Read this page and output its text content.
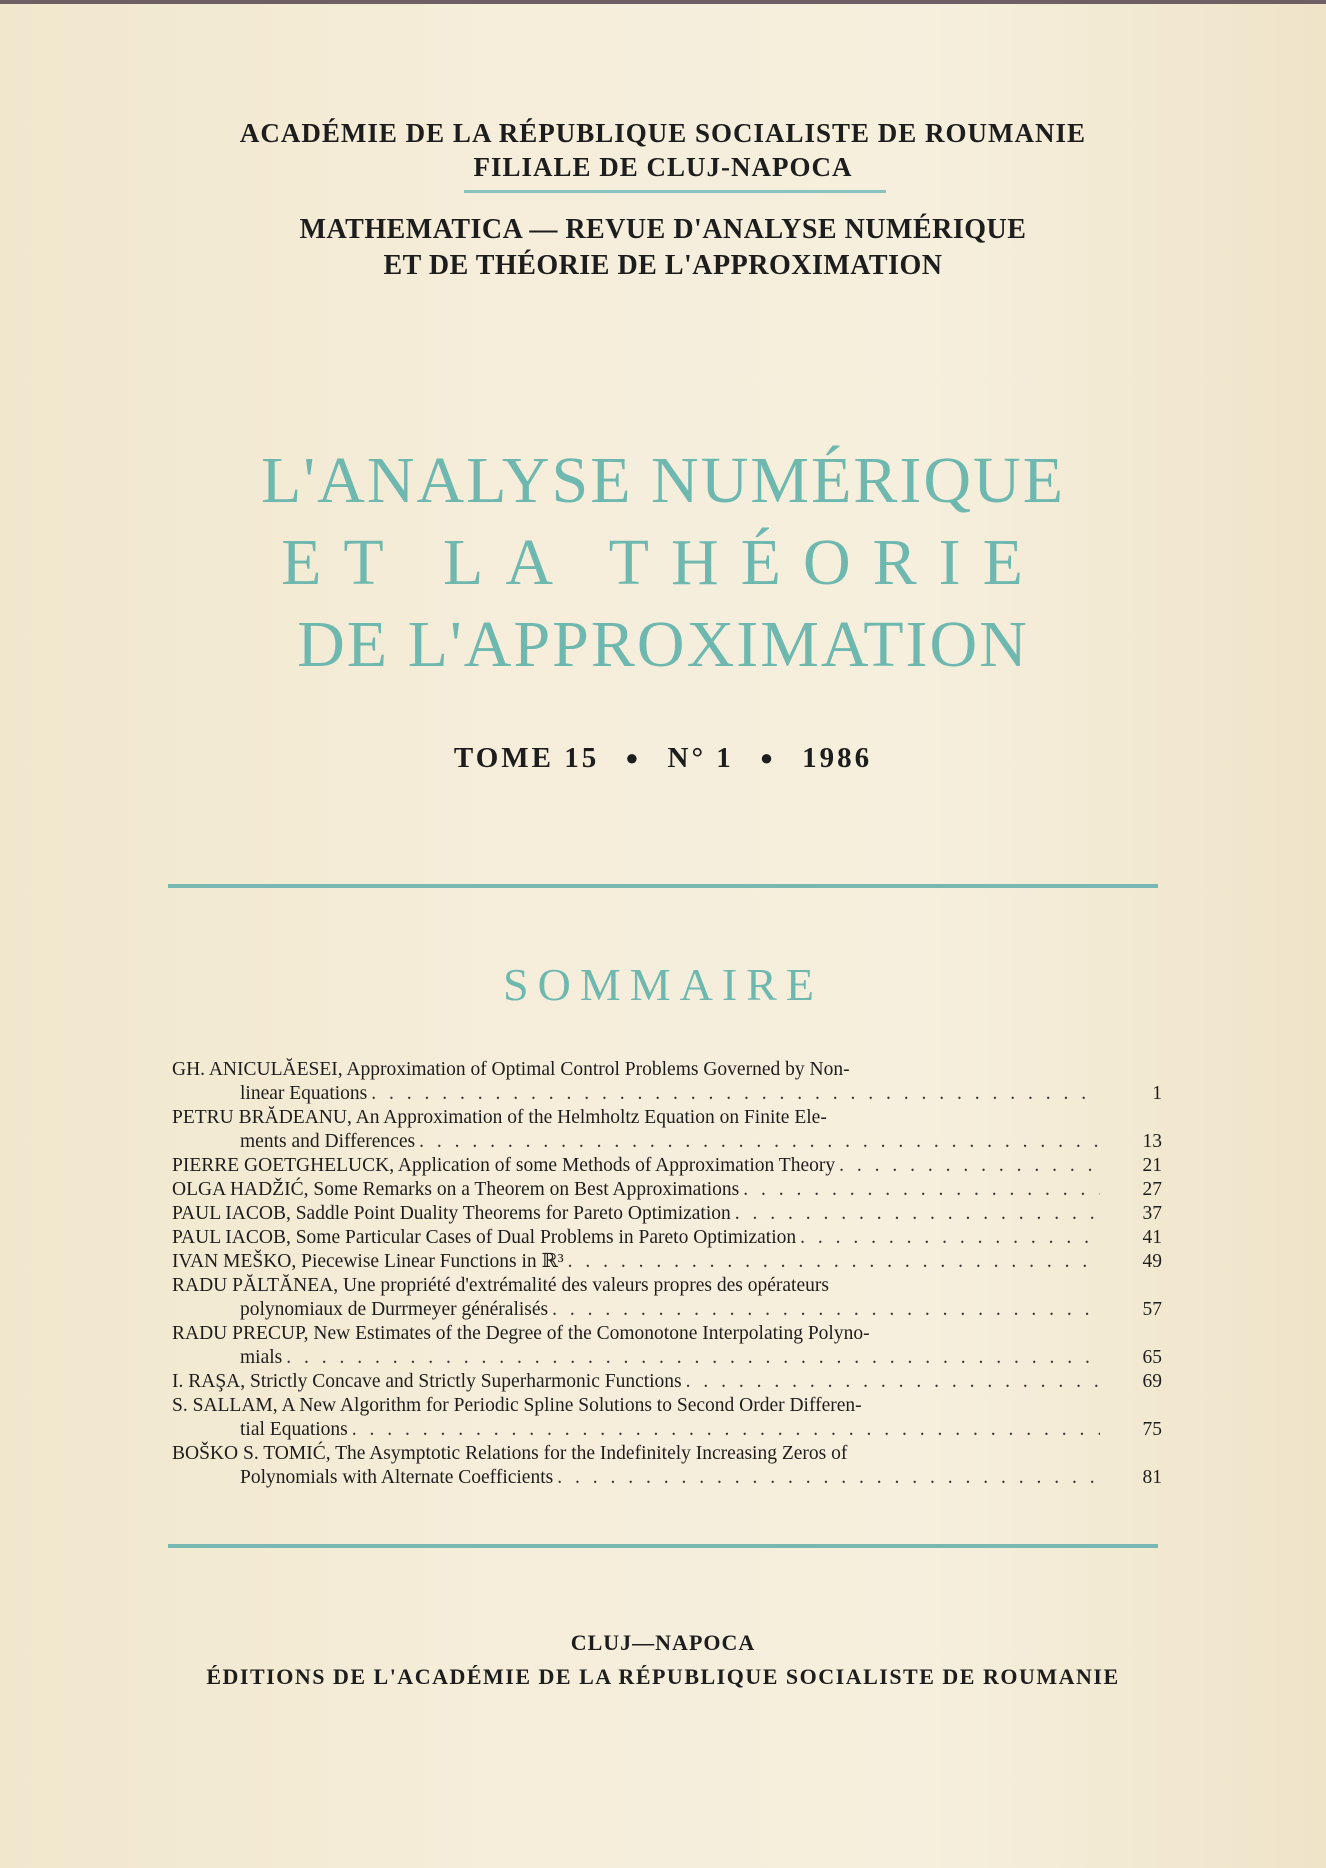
ACADÉMIE DE LA RÉPUBLIQUE SOCIALISTE DE ROUMANIE
FILIALE DE CLUJ-NAPOCA
MATHEMATICA — REVUE D'ANALYSE NUMÉRIQUE
ET DE THÉORIE DE L'APPROXIMATION
L'ANALYSE NUMÉRIQUE
ET LA THÉORIE
DE L'APPROXIMATION
TOME 15 ● N° 1 ● 1986
SOMMAIRE
GH. ANICULĂESEI, Approximation of Optimal Control Problems Governed by Non-
linear Equations . . .	1
PETRU BRĂDEANU, An Approximation of the Helmholtz Equation on Finite Ele-
ments and Differences . . .	13
PIERRE GOETGHELUCK, Application of some Methods of Approximation Theory . . .	21
OLGA HADŽIĆ, Some Remarks on a Theorem on Best Approximations . . .	27
PAUL IACOB, Saddle Point Duality Theorems for Pareto Optimization . . .	37
PAUL IACOB, Some Particular Cases of Dual Problems in Pareto Optimization . . .	41
IVAN MEŠKO, Piecewise Linear Functions in ℝ³ . . .	49
RADU PĂLTĂNEA, Une propriété d'extrémalité des valeurs propres des opérateurs
polynomiaux de Durrmeyer généralisés . . .	57
RADU PRECUP, New Estimates of the Degree of the Comonotone Interpolating Polyno-
mials . . .	65
I. RAŞA, Strictly Concave and Strictly Superharmonic Functions . . .	69
S. SALLAM, A New Algorithm for Periodic Spline Solutions to Second Order Differen-
tial Equations . . .	75
BOŠKO S. TOMIĆ, The Asymptotic Relations for the Indefinitely Increasing Zeros of
Polynomials with Alternate Coefficients . . .	81
CLUJ—NAPOCA
ÉDITIONS DE L'ACADÉMIE DE LA RÉPUBLIQUE SOCIALISTE DE ROUMANIE
